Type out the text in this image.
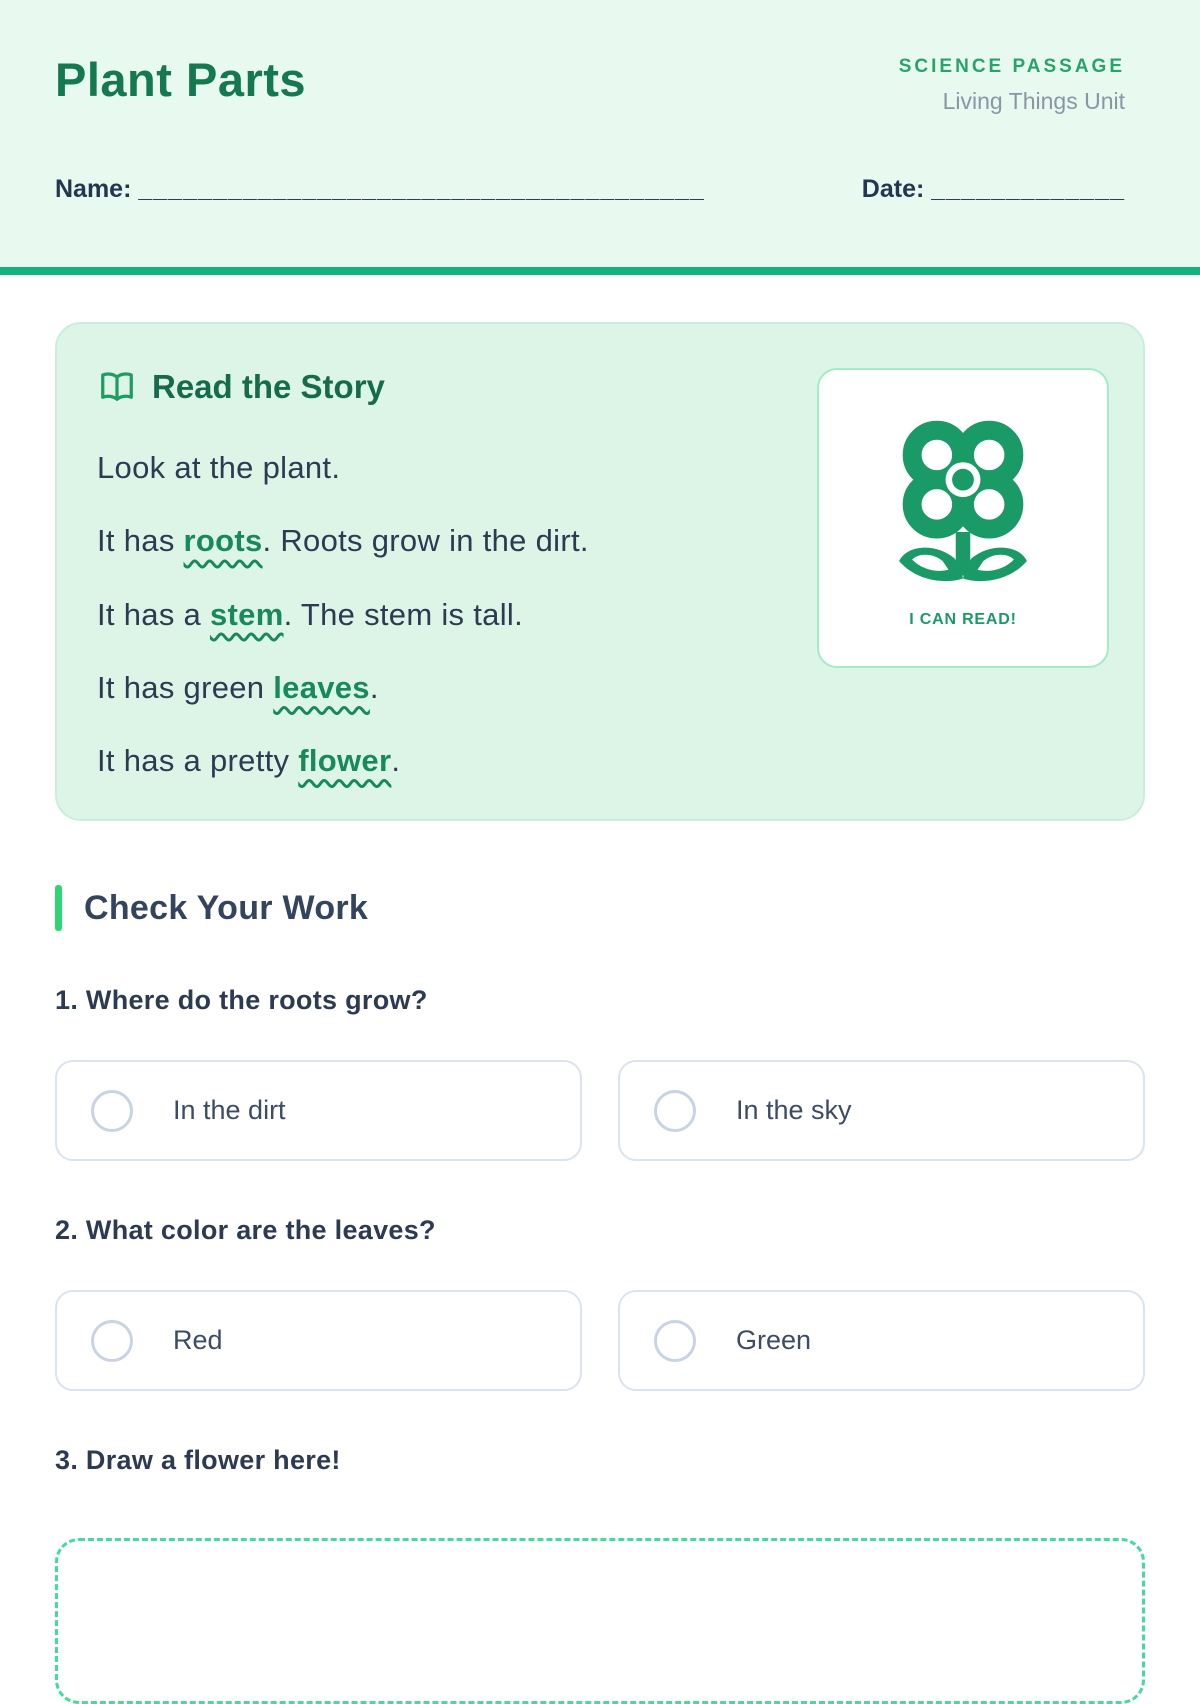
Plant Parts	SCIENCE PASSAGE
Living Things Unit
Name: ______________________________________	Date: _____________
Read the Story

Look at the plant.

It has roots. Roots grow in the dirt.

It has a stem. The stem is tall.

It has green leaves.

It has a pretty flower.

I CAN READ!
Check Your Work

1. Where do the roots grow?

In the dirt	In the sky

2. What color are the leaves?

Red	Green

3. Draw a flower here!
